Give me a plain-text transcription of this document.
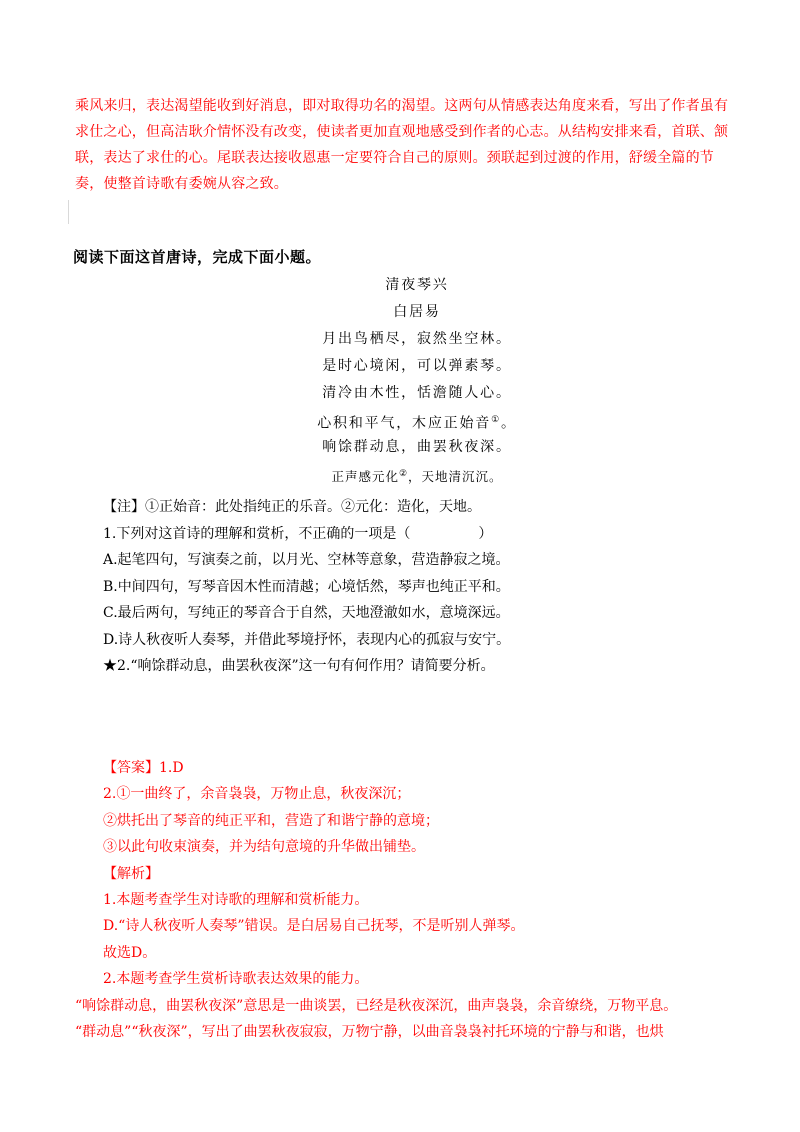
乘风来归，表达渴望能收到好消息，即对取得功名的渴望。这两句从情感表达角度来看，写出了作者虽有

求仕之心，但高洁耿介情怀没有改变，使读者更加直观地感受到作者的心志。从结构安排来看，首联、颔

联，表达了求仕的心。尾联表达接收恩惠一定要符合自己的原则。颈联起到过渡的作用，舒缓全篇的节

奏，使整首诗歌有委婉从容之致。

阅读下面这首唐诗，完成下面小题。
清夜琴兴
白居易
月出鸟栖尽，寂然坐空林。
是时心境闲，可以弹素琴。
清冷由木性，恬澹随人心。
心积和平气，木应正始音①。
响馀群动息，曲罢秋夜深。
正声感元化②，天地清沉沉。
【注】①正始音：此处指纯正的乐音。②元化：造化，天地。
1.下列对这首诗的理解和赏析，不正确的一项是（	）
A.起笔四句，写演奏之前，以月光、空林等意象，营造静寂之境。
B.中间四句，写琴音因木性而清越；心境恬然，琴声也纯正平和。
C.最后两句，写纯正的琴音合于自然，天地澄澈如水，意境深远。
D.诗人秋夜听人奏琴，并借此琴境抒怀，表现内心的孤寂与安宁。
★2.“响馀群动息，曲罢秋夜深”这一句有何作用？请简要分析。
【答案】1.D
2.①一曲终了，余音袅袅，万物止息，秋夜深沉；
②烘托出了琴音的纯正平和，营造了和谐宁静的意境；
③以此句收束演奏，并为结句意境的升华做出铺垫。
【解析】
1.本题考查学生对诗歌的理解和赏析能力。
D.“诗人秋夜听人奏琴”错误。是白居易自己抚琴，不是听别人弹琴。
故选D。
2.本题考查学生赏析诗歌表达效果的能力。
“响馀群动息，曲罢秋夜深”意思是一曲谈罢，已经是秋夜深沉，曲声袅袅，余音缭绕，万物平息。
“群动息”“秋夜深”，写出了曲罢秋夜寂寂，万物宁静，以曲音袅袅衬托环境的宁静与和谐，也烘
